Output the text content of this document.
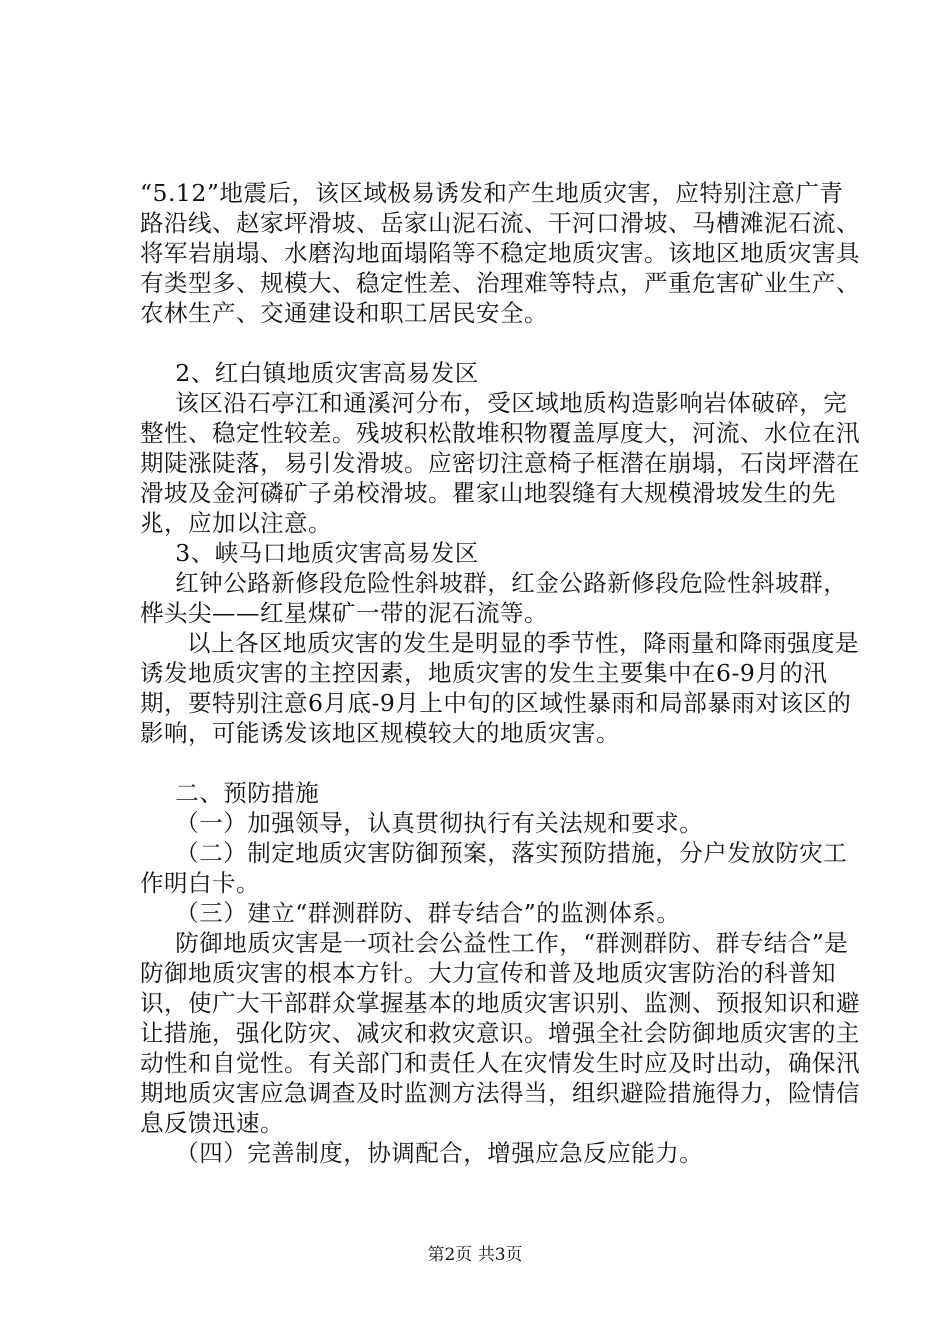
“5.12”地震后，该区域极易诱发和产生地质灾害，应特别注意广青路沿线、赵家坪滑坡、岳家山泥石流、干河口滑坡、马槽滩泥石流、将军岩崩塌、水磨沟地面塌陷等不稳定地质灾害。该地区地质灾害具有类型多、规模大、稳定性差、治理难等特点，严重危害矿业生产、农林生产、交通建设和职工居民安全。

2、红白镇地质灾害高易发区

该区沿石亭江和通溪河分布，受区域地质构造影响岩体破碎，完整性、稳定性较差。残坡积松散堆积物覆盖厚度大，河流、水位在汛期陡涨陡落，易引发滑坡。应密切注意椅子框潜在崩塌，石岗坪潜在滑坡及金河磷矿子弟校滑坡。瞿家山地裂缝有大规模滑坡发生的先兆，应加以注意。

3、峡马口地质灾害高易发区

红钟公路新修段危险性斜坡群，红金公路新修段危险性斜坡群，桦头尖——红星煤矿一带的泥石流等。

以上各区地质灾害的发生是明显的季节性，降雨量和降雨强度是诱发地质灾害的主控因素，地质灾害的发生主要集中在6-9月的汛期，要特别注意6月底-9月上中旬的区域性暴雨和局部暴雨对该区的影响，可能诱发该地区规模较大的地质灾害。

二、预防措施

（一）加强领导，认真贯彻执行有关法规和要求。

（二）制定地质灾害防御预案，落实预防措施，分户发放防灾工作明白卡。

（三）建立“群测群防、群专结合”的监测体系。

防御地质灾害是一项社会公益性工作，“群测群防、群专结合”是防御地质灾害的根本方针。大力宣传和普及地质灾害防治的科普知识，使广大干部群众掌握基本的地质灾害识别、监测、预报知识和避让措施，强化防灾、减灾和救灾意识。增强全社会防御地质灾害的主动性和自觉性。有关部门和责任人在灾情发生时应及时出动，确保汛期地质灾害应急调查及时监测方法得当，组织避险措施得力，险情信息反馈迅速。

（四）完善制度，协调配合，增强应急反应能力。

第2页 共3页
